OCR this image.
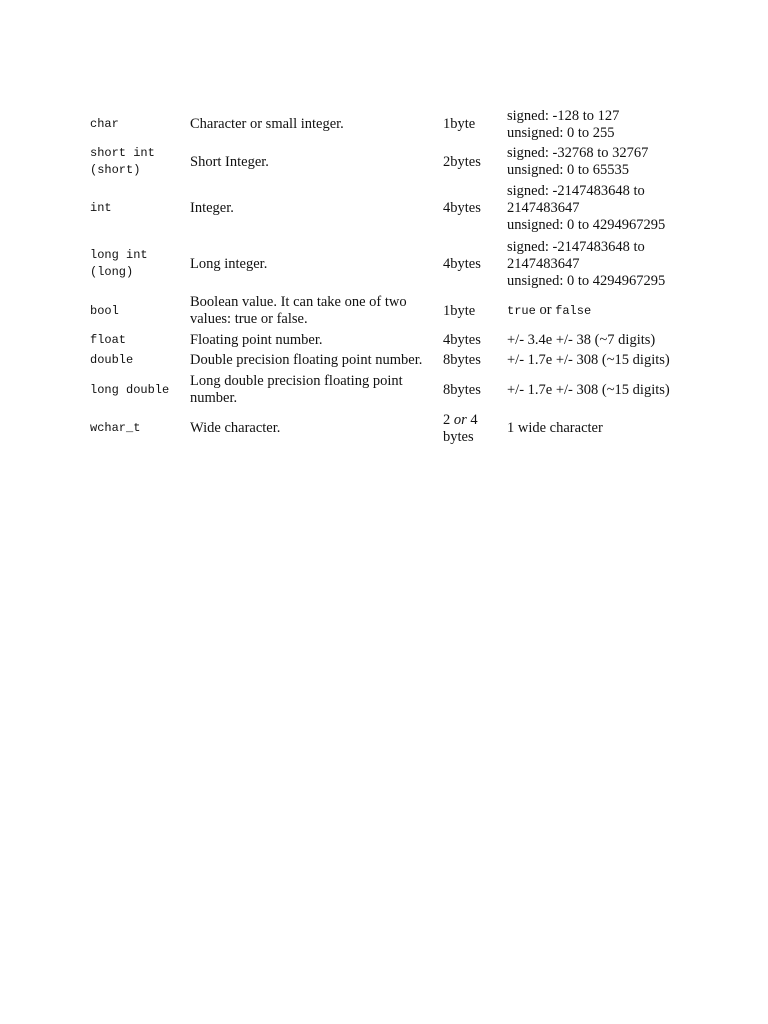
char	Character or small integer.	1byte	signed: -128 to 127
unsigned: 0 to 255

short int
(short)	Short Integer.	2bytes	signed: -32768 to 32767
unsigned: 0 to 65535

int	Integer.	4bytes	signed: -2147483648 to
2147483647
unsigned: 0 to 4294967295

long int
(long)	Long integer.	4bytes	signed: -2147483648 to
2147483647
unsigned: 0 to 4294967295

bool	Boolean value. It can take one of two
values: true or false.	1byte	true or false

float	Floating point number.	4bytes	+/- 3.4e +/- 38 (~7 digits)

double	Double precision floating point number.	8bytes	+/- 1.7e +/- 308 (~15 digits)

long double	Long double precision floating point
number.	8bytes	+/- 1.7e +/- 308 (~15 digits)

wchar_t	Wide character.	2 or 4
bytes	1 wide character
